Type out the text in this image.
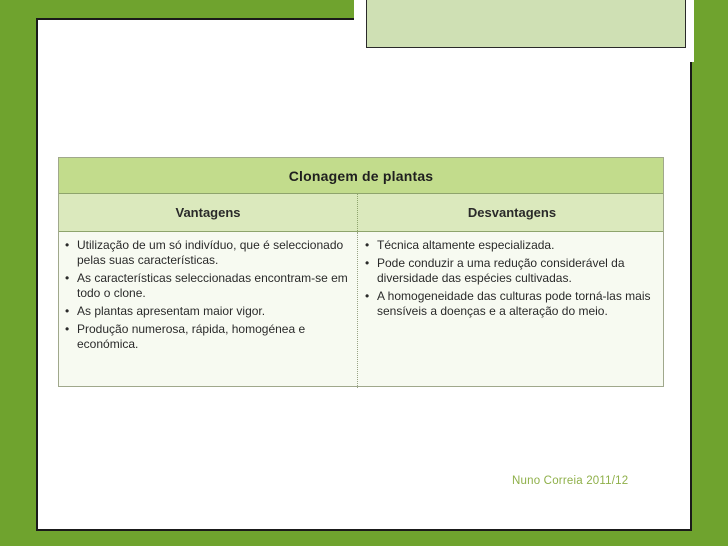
Clonagem de plantas
Vantagens	Desvantagens
• Utilização de um só indivíduo, que é seleccionado pelas suas características.
• As características seleccionadas encontram-se em todo o clone.
• As plantas apresentam maior vigor.
• Produção numerosa, rápida, homogénea e económica.
• Técnica altamente especializada.
• Pode conduzir a uma redução considerável da diversidade das espécies cultivadas.
• A homogeneidade das culturas pode torná-las mais sensíveis a doenças e a alteração do meio.
Nuno Correia 2011/12
